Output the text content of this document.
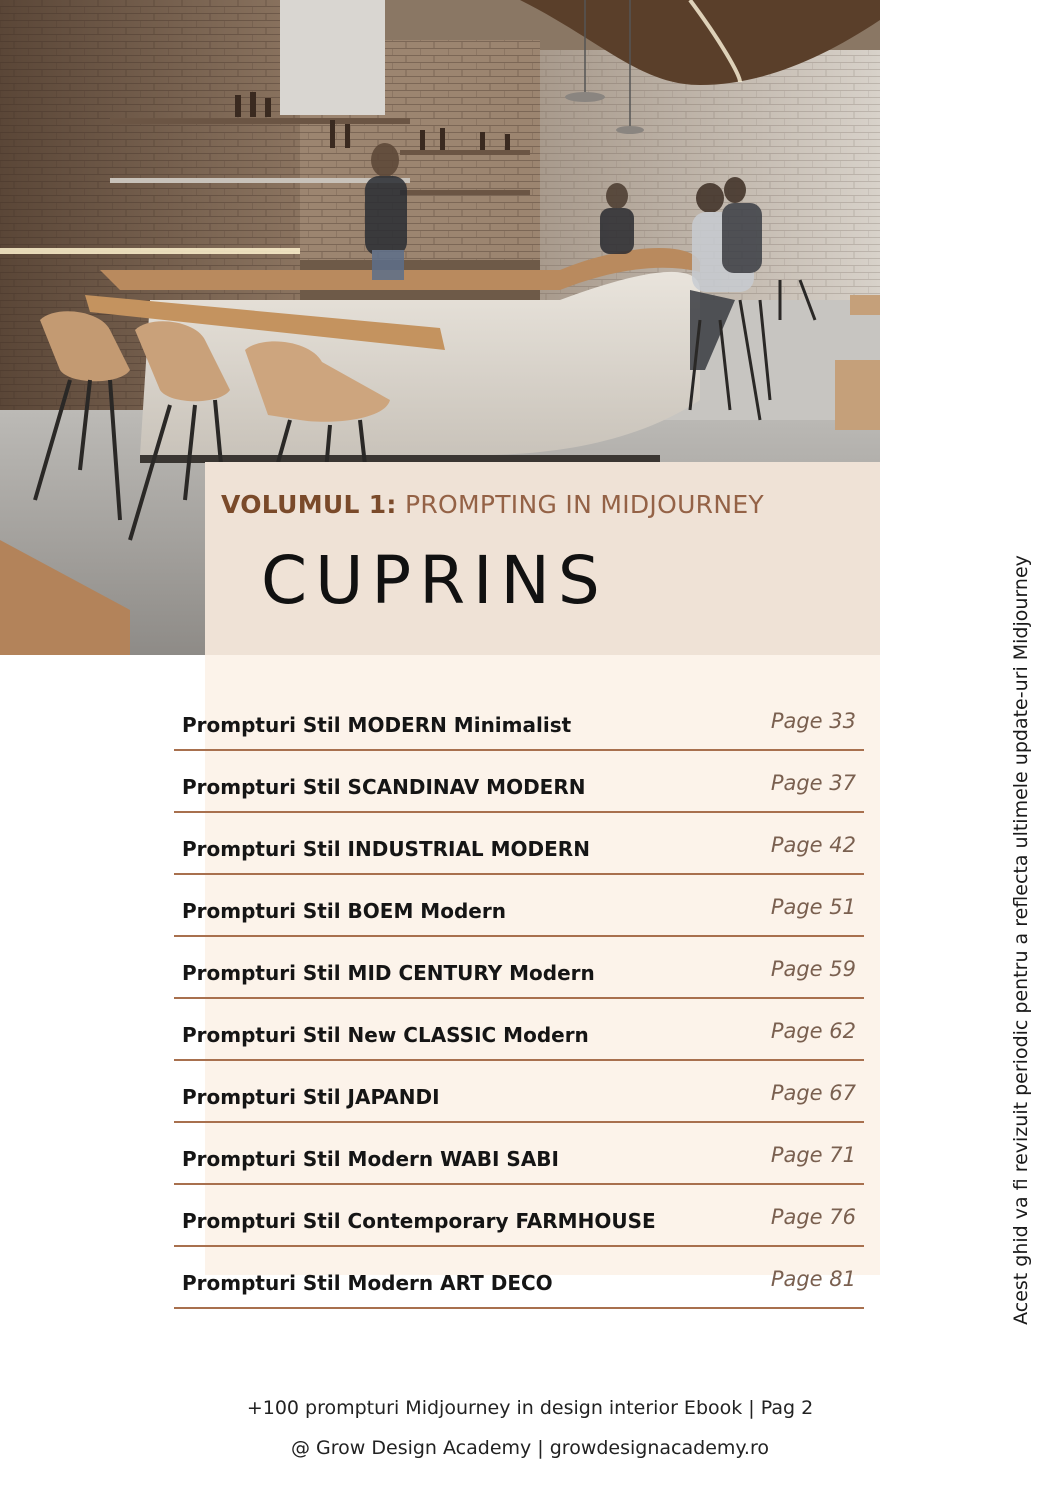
VOLUMUL 1: PROMPTING IN MIDJOURNEY
CUPRINS
Prompturi Stil MODERN Minimalist	Page 33
Prompturi Stil SCANDINAV MODERN	Page 37
Prompturi Stil INDUSTRIAL MODERN	Page 42
Prompturi Stil BOEM Modern	Page 51
Prompturi Stil MID CENTURY Modern	Page 59
Prompturi Stil New CLASSIC Modern	Page 62
Prompturi Stil JAPANDI	Page 67
Prompturi Stil Modern WABI SABI	Page 71
Prompturi Stil Contemporary FARMHOUSE	Page 76
Prompturi Stil Modern ART DECO	Page 81	Acest ghid va fi revizuit periodic pentru a reflecta ultimele update-uri Midjourney
+100 prompturi Midjourney in design interior Ebook | Pag 2
@ Grow Design Academy | growdesignacademy.ro
